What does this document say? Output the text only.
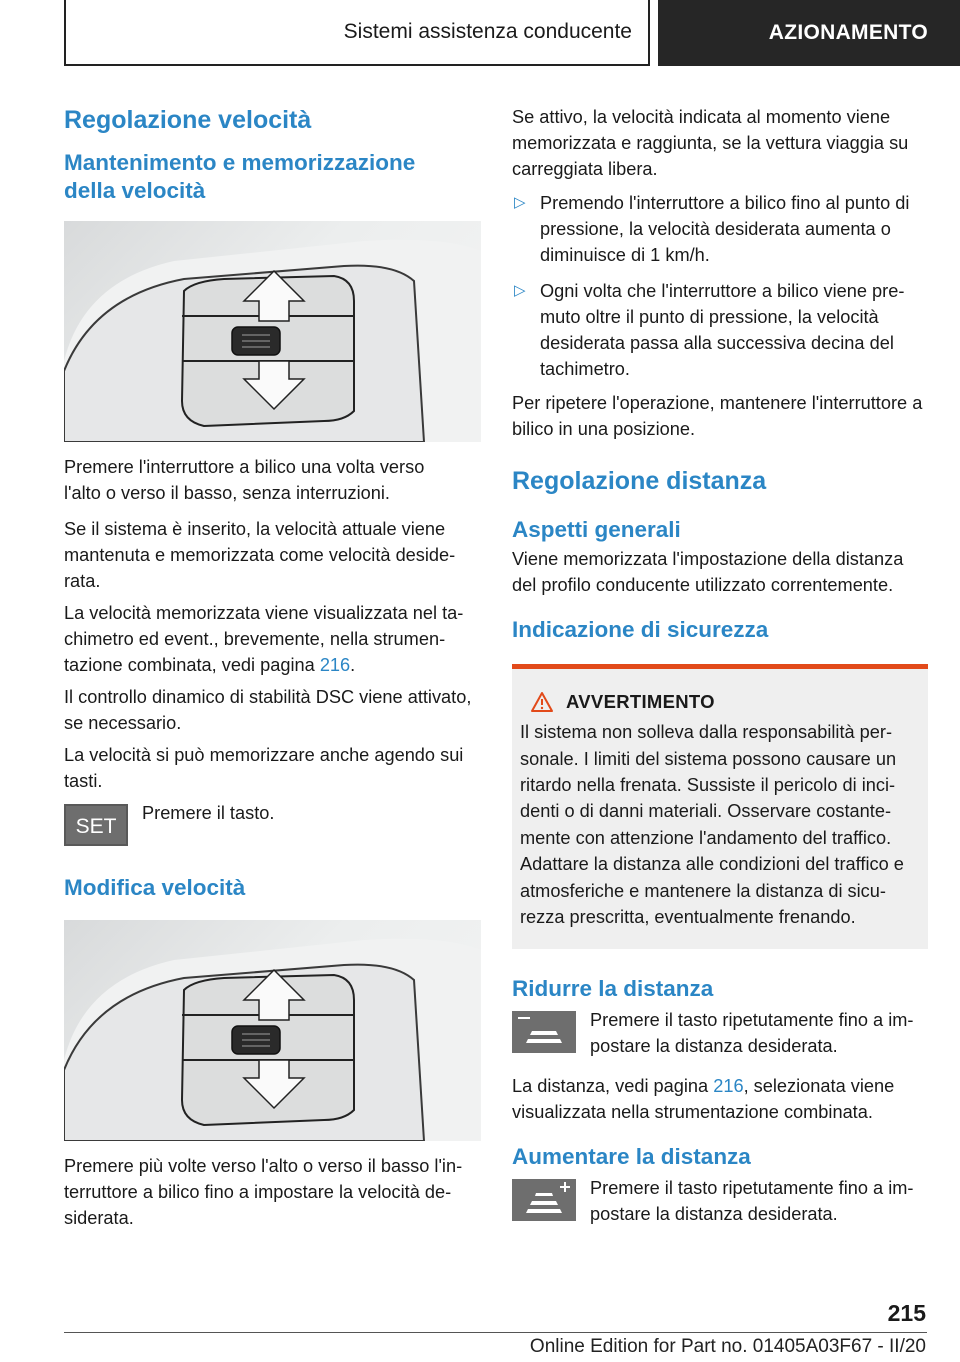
Sistemi assistenza conducente	AZIONAMENTO
Regolazione velocità
Mantenimento e memorizzazione della velocità

Premere l'interruttore a bilico una volta verso l'alto o verso il basso, senza interruzioni.

Se il sistema è inserito, la velocità attuale viene mantenuta e memorizzata come velocità desiderata.

La velocità memorizzata viene visualizzata nel tachimetro ed event., brevemente, nella strumentazione combinata, vedi pagina 216.

Il controllo dinamico di stabilità DSC viene attivato, se necessario.

La velocità si può memorizzare anche agendo sui tasti.

SET

Premere il tasto.

Modifica velocità

Premere più volte verso l'alto o verso il basso l'interruttore a bilico fino a impostare la velocità desiderata.

Se attivo, la velocità indicata al momento viene memorizzata e raggiunta, se la vettura viaggia su carreggiata libera.

▷ Premendo l'interruttore a bilico fino al punto di pressione, la velocità desiderata aumenta o diminuisce di 1 km/h.
▷ Ogni volta che l'interruttore a bilico viene premuto oltre il punto di pressione, la velocità desiderata passa alla successiva decina del tachimetro.

Per ripetere l'operazione, mantenere l'interruttore a bilico in una posizione.

Regolazione distanza
Aspetti generali

Viene memorizzata l'impostazione della distanza del profilo conducente utilizzato correntemente.

Indicazione di sicurezza
AVVERTIMENTO

Il sistema non solleva dalla responsabilità personale. I limiti del sistema possono causare un ritardo nella frenata. Sussiste il pericolo di incidenti o di danni materiali. Osservare costantemente con attenzione l'andamento del traffico. Adattare la distanza alle condizioni del traffico e atmosferiche e mantenere la distanza di sicurezza prescritta, eventualmente frenando.

Ridurre la distanza

Premere il tasto ripetutamente fino a impostare la distanza desiderata.

La distanza, vedi pagina 216, selezionata viene visualizzata nella strumentazione combinata.

Aumentare la distanza

Premere il tasto ripetutamente fino a impostare la distanza desiderata.

215
Online Edition for Part no. 01405A03F67 - II/20
